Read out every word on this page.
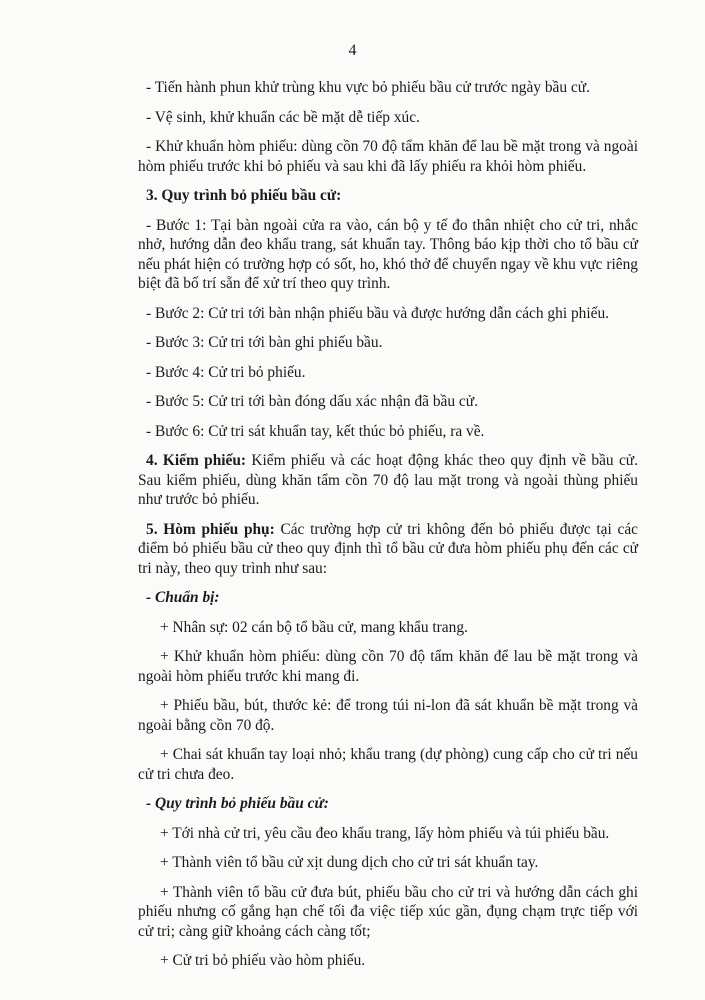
4

- Tiến hành phun khử trùng khu vực bỏ phiếu bầu cử trước ngày bầu cử.

- Vệ sinh, khử khuẩn các bề mặt dễ tiếp xúc.

- Khử khuẩn hòm phiếu: dùng cồn 70 độ tẩm khăn để lau bề mặt trong và ngoài hòm phiếu trước khi bỏ phiếu và sau khi đã lấy phiếu ra khỏi hòm phiếu.

3. Quy trình bỏ phiếu bầu cử:

- Bước 1: Tại bàn ngoài cửa ra vào, cán bộ y tế đo thân nhiệt cho cử tri, nhắc nhở, hướng dẫn đeo khẩu trang, sát khuẩn tay. Thông báo kịp thời cho tổ bầu cử nếu phát hiện có trường hợp có sốt, ho, khó thở để chuyển ngay về khu vực riêng biệt đã bố trí sẵn để xử trí theo quy trình.

- Bước 2: Cử tri tới bàn nhận phiếu bầu và được hướng dẫn cách ghi phiếu.

- Bước 3: Cử tri tới bàn ghi phiếu bầu.

- Bước 4: Cử tri bỏ phiếu.

- Bước 5: Cử tri tới bàn đóng dấu xác nhận đã bầu cử.

- Bước 6: Cử tri sát khuẩn tay, kết thúc bỏ phiếu, ra về.

4. Kiểm phiếu: Kiểm phiếu và các hoạt động khác theo quy định về bầu cử. Sau kiểm phiếu, dùng khăn tẩm cồn 70 độ lau mặt trong và ngoài thùng phiếu như trước bỏ phiếu.

5. Hòm phiếu phụ: Các trường hợp cử tri không đến bỏ phiếu được tại các điểm bỏ phiếu bầu cử theo quy định thì tổ bầu cử đưa hòm phiếu phụ đến các cử tri này, theo quy trình như sau:

- Chuẩn bị:

+ Nhân sự: 02 cán bộ tổ bầu cử, mang khẩu trang.

+ Khử khuẩn hòm phiếu: dùng cồn 70 độ tẩm khăn để lau bề mặt trong và ngoài hòm phiếu trước khi mang đi.

+ Phiếu bầu, bút, thước kẻ: để trong túi ni-lon đã sát khuẩn bề mặt trong và ngoài bằng cồn 70 độ.

+ Chai sát khuẩn tay loại nhỏ; khẩu trang (dự phòng) cung cấp cho cử tri nếu cử tri chưa đeo.

- Quy trình bỏ phiếu bầu cử:

+ Tới nhà cử tri, yêu cầu đeo khẩu trang, lấy hòm phiếu và túi phiếu bầu.

+ Thành viên tổ bầu cử xịt dung dịch cho cử tri sát khuẩn tay.

+ Thành viên tổ bầu cử đưa bút, phiếu bầu cho cử tri và hướng dẫn cách ghi phiếu nhưng cố gắng hạn chế tối đa việc tiếp xúc gần, đụng chạm trực tiếp với cử tri; càng giữ khoảng cách càng tốt;

+ Cử tri bỏ phiếu vào hòm phiếu.
